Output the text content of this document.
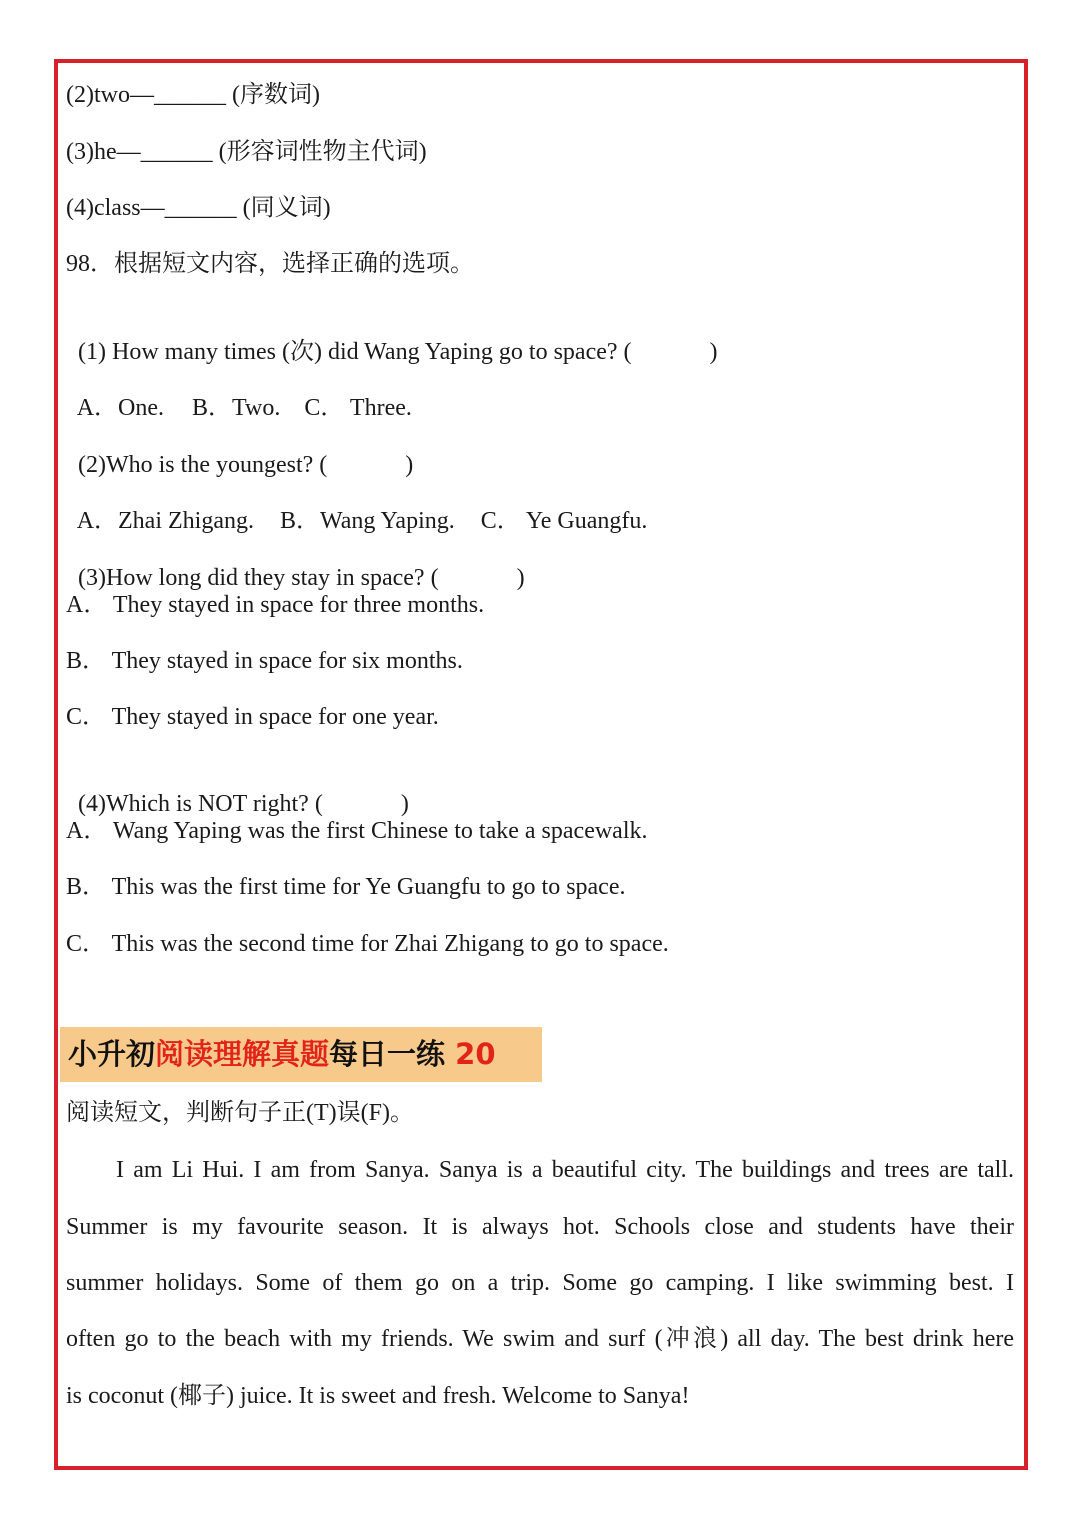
(2)two—______ (序数词)
(3)he—______ (形容词性物主代词)
(4)class—______ (同义词)
98．根据短文内容，选择正确的选项。

(1) How many times (次) did Wang Yaping go to space? (	)

A．One. B．Two. C． Three.

(2)Who is the youngest? (	)

A．Zhai Zhigang. B．Wang Yaping. C． Ye Guangfu.

(3)How long did they stay in space? (	)

A． They stayed in space for three months.
B． They stayed in space for six months.
C． They stayed in space for one year.

(4)Which is NOT right? (	)

A． Wang Yaping was the first Chinese to take a spacewalk.
B． This was the first time for Ye Guangfu to go to space.
C． This was the second time for Zhai Zhigang to go to space.
小升初阅读理解真题每日一练 20
阅读短文，判断句子正(T)误(F)。
I am Li Hui. I am from Sanya. Sanya is a beautiful city. The buildings and trees are tall.
Summer is my favourite season. It is always hot. Schools close and students have their
summer holidays. Some of them go on a trip. Some go camping. I like swimming best. I
often go to the beach with my friends. We swim and surf (冲浪) all day. The best drink here
is coconut (椰子) juice. It is sweet and fresh. Welcome to Sanya!
